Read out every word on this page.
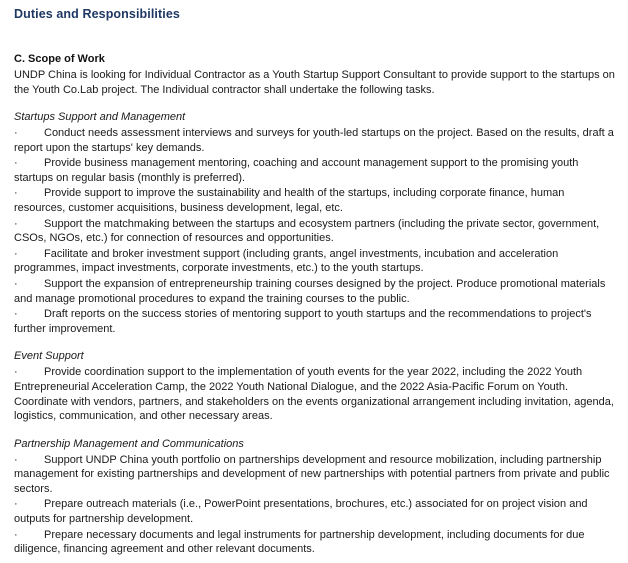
Duties and Responsibilities
C. Scope of Work

UNDP China is looking for Individual Contractor as a Youth Startup Support Consultant to provide support to the startups on the Youth Co.Lab project. The Individual contractor shall undertake the following tasks.

Startups Support and Management
· Conduct needs assessment interviews and surveys for youth-led startups on the project. Based on the results, draft a report upon the startups' key demands.
· Provide business management mentoring, coaching and account management support to the promising youth startups on regular basis (monthly is preferred).
· Provide support to improve the sustainability and health of the startups, including corporate finance, human resources, customer acquisitions, business development, legal, etc.
· Support the matchmaking between the startups and ecosystem partners (including the private sector, government, CSOs, NGOs, etc.) for connection of resources and opportunities.
· Facilitate and broker investment support (including grants, angel investments, incubation and acceleration programmes, impact investments, corporate investments, etc.) to the youth startups.
· Support the expansion of entrepreneurship training courses designed by the project. Produce promotional materials and manage promotional procedures to expand the training courses to the public.
· Draft reports on the success stories of mentoring support to youth startups and the recommendations to project's further improvement.
Event Support
· Provide coordination support to the implementation of youth events for the year 2022, including the 2022 Youth Entrepreneurial Acceleration Camp, the 2022 Youth National Dialogue, and the 2022 Asia-Pacific Forum on Youth. Coordinate with vendors, partners, and stakeholders on the events organizational arrangement including invitation, agenda, logistics, communication, and other necessary areas.
Partnership Management and Communications
· Support UNDP China youth portfolio on partnerships development and resource mobilization, including partnership management for existing partnerships and development of new partnerships with potential partners from private and public sectors.
· Prepare outreach materials (i.e., PowerPoint presentations, brochures, etc.) associated for on project vision and outputs for partnership development.
· Prepare necessary documents and legal instruments for partnership development, including documents for due diligence, financing agreement and other relevant documents.
